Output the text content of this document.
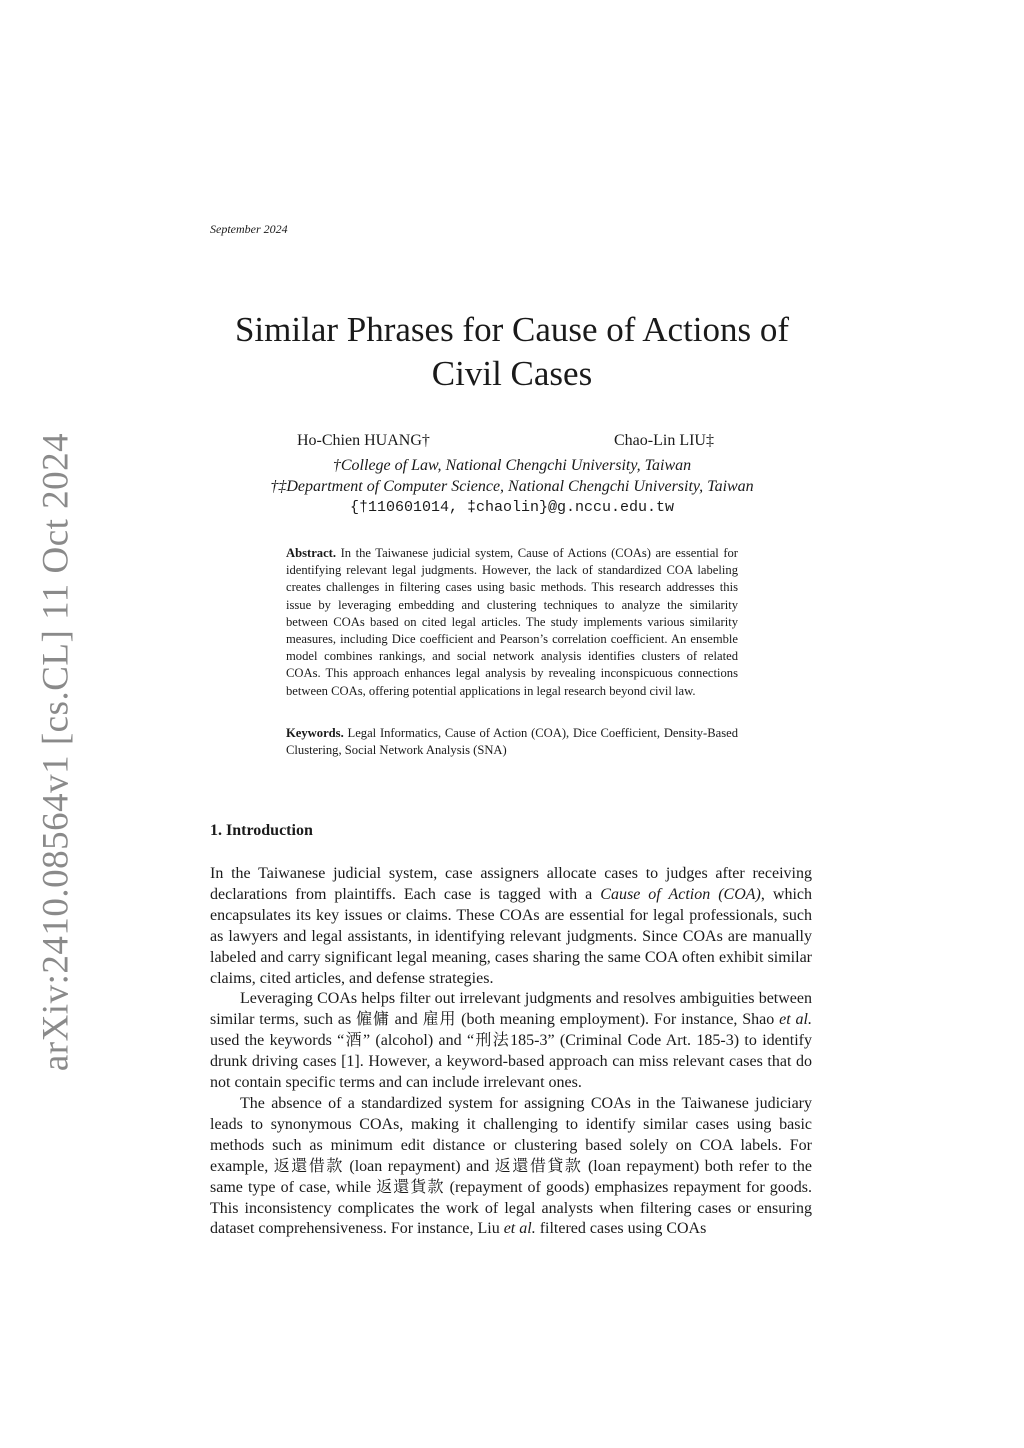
September 2024
Similar Phrases for Cause of Actions of
Civil Cases
Ho-Chien HUANG†	Chao-Lin LIU‡
†College of Law, National Chengchi University, Taiwan
†‡Department of Computer Science, National Chengchi University, Taiwan
{†110601014, ‡chaolin}@g.nccu.edu.tw
Abstract. In the Taiwanese judicial system, Cause of Actions (COAs) are essential for identifying relevant legal judgments. However, the lack of standardized COA labeling creates challenges in filtering cases using basic methods. This research addresses this issue by leveraging embedding and clustering techniques to analyze the similarity between COAs based on cited legal articles. The study implements various similarity measures, including Dice coefficient and Pearson’s correlation coefficient. An ensemble model combines rankings, and social network analysis identifies clusters of related COAs. This approach enhances legal analysis by revealing inconspicuous connections between COAs, offering potential applications in legal research beyond civil law.
Keywords. Legal Informatics, Cause of Action (COA), Dice Coefficient, Density-Based Clustering, Social Network Analysis (SNA)
1. Introduction

In the Taiwanese judicial system, case assigners allocate cases to judges after receiving declarations from plaintiffs. Each case is tagged with a Cause of Action (COA), which encapsulates its key issues or claims. These COAs are essential for legal professionals, such as lawyers and legal assistants, in identifying relevant judgments. Since COAs are manually labeled and carry significant legal meaning, cases sharing the same COA often exhibit similar claims, cited articles, and defense strategies.

Leveraging COAs helps filter out irrelevant judgments and resolves ambiguities between similar terms, such as 僱傭 and 雇用 (both meaning employment). For instance, Shao et al. used the keywords “酒” (alcohol) and “刑法185-3” (Criminal Code Art. 185-3) to identify drunk driving cases [1]. However, a keyword-based approach can miss relevant cases that do not contain specific terms and can include irrelevant ones.

The absence of a standardized system for assigning COAs in the Taiwanese judiciary leads to synonymous COAs, making it challenging to identify similar cases using basic methods such as minimum edit distance or clustering based solely on COA labels. For example, 返還借款 (loan repayment) and 返還借貸款 (loan repayment) both refer to the same type of case, while 返還貨款 (repayment of goods) emphasizes repayment for goods. This inconsistency complicates the work of legal analysts when filtering cases or ensuring dataset comprehensiveness. For instance, Liu et al. filtered cases using COAs

arXiv:2410.08564v1 [cs.CL] 11 Oct 2024
